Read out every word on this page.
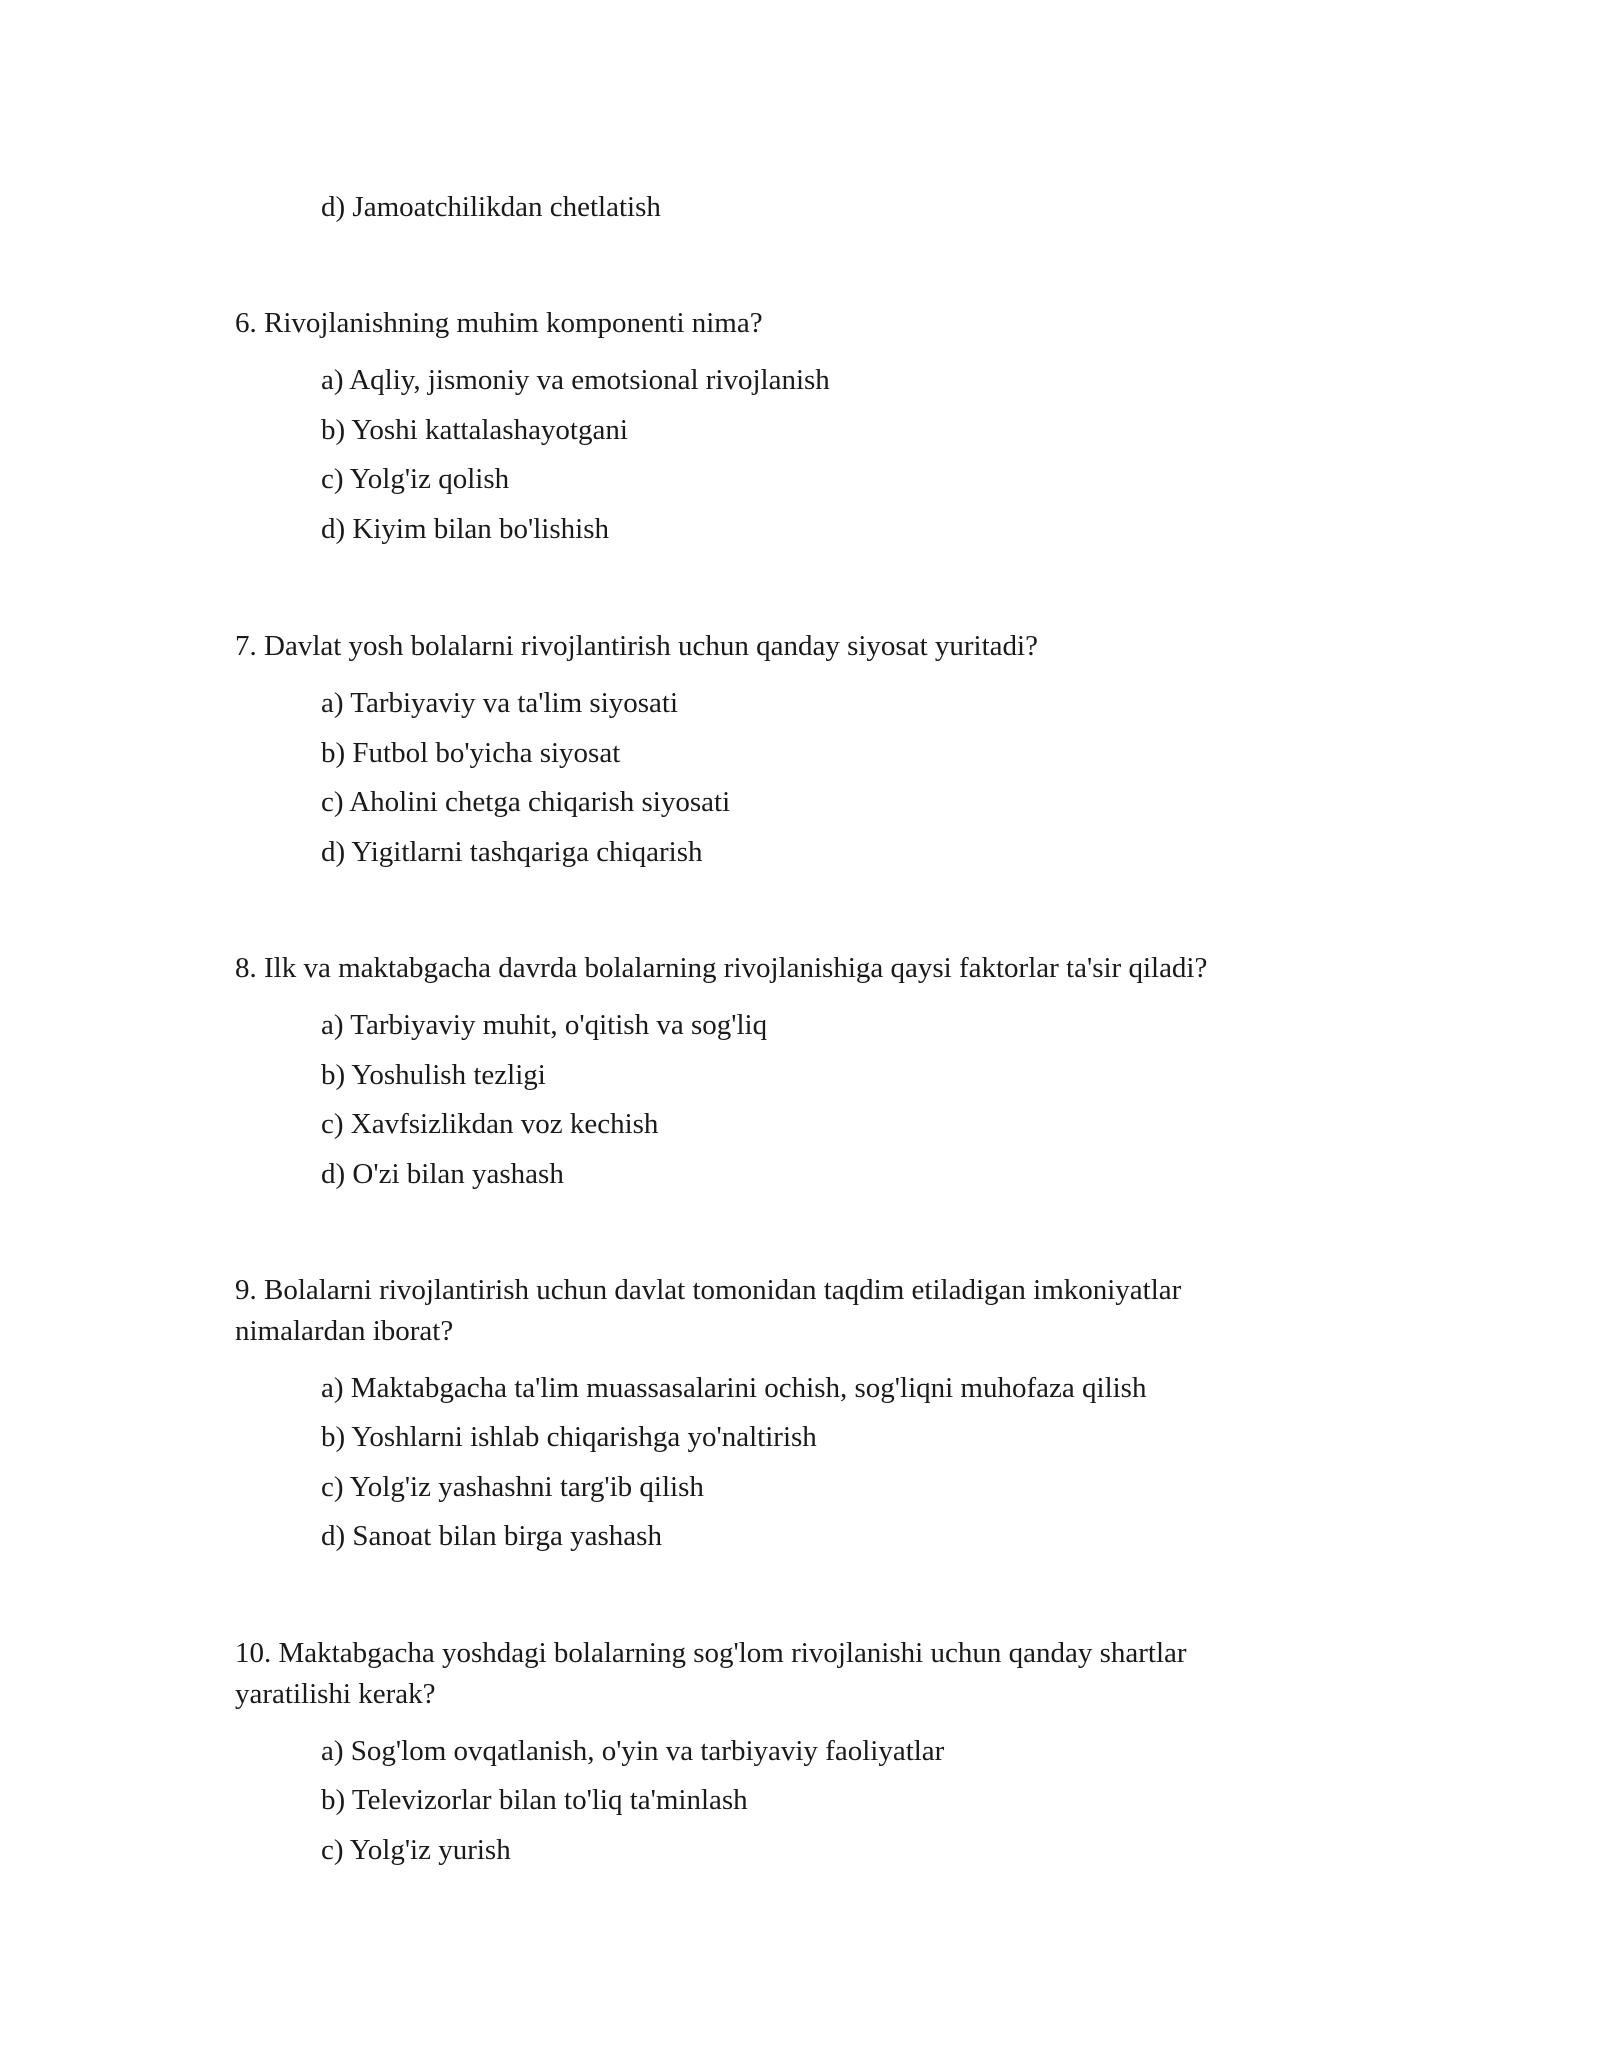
d) Jamoatchilikdan chetlatish
6. Rivojlanishning muhim komponenti nima?
a) Aqliy, jismoniy va emotsional rivojlanish
b) Yoshi kattalashayotgani
c) Yolg'iz qolish
d) Kiyim bilan bo'lishish
7. Davlat yosh bolalarni rivojlantirish uchun qanday siyosat yuritadi?
a) Tarbiyaviy va ta'lim siyosati
b) Futbol bo'yicha siyosat
c) Aholini chetga chiqarish siyosati
d) Yigitlarni tashqariga chiqarish
8. Ilk va maktabgacha davrda bolalarning rivojlanishiga qaysi faktorlar ta'sir qiladi?
a) Tarbiyaviy muhit, o'qitish va sog'liq
b) Yoshulish tezligi
c) Xavfsizlikdan voz kechish
d) O'zi bilan yashash
9. Bolalarni rivojlantirish uchun davlat tomonidan taqdim etiladigan imkoniyatlar
nimalardan iborat?
a) Maktabgacha ta'lim muassasalarini ochish, sog'liqni muhofaza qilish
b) Yoshlarni ishlab chiqarishga yo'naltirish
c) Yolg'iz yashashni targ'ib qilish
d) Sanoat bilan birga yashash
10. Maktabgacha yoshdagi bolalarning sog'lom rivojlanishi uchun qanday shartlar
yaratilishi kerak?
a) Sog'lom ovqatlanish, o'yin va tarbiyaviy faoliyatlar
b) Televizorlar bilan to'liq ta'minlash
c) Yolg'iz yurish
